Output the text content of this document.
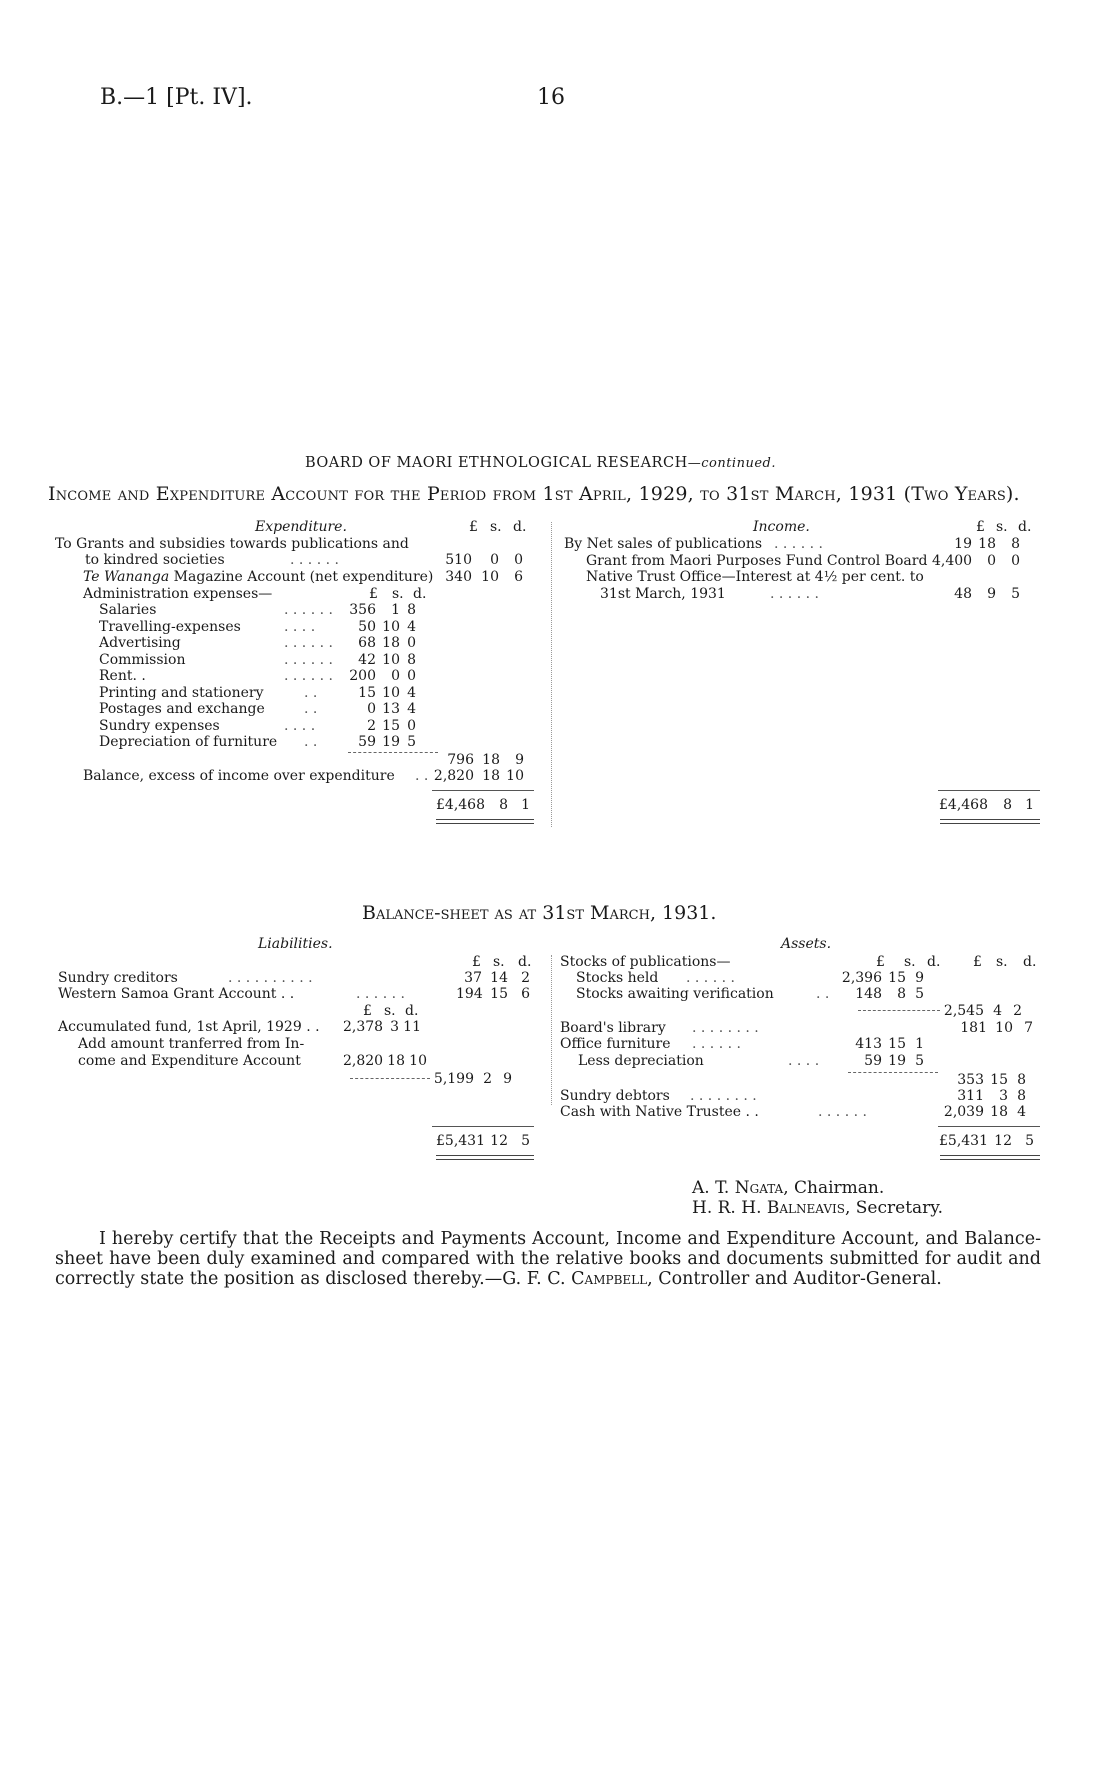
B.—1 [Pt. IV].	16
BOARD OF MAORI ETHNOLOGICAL RESEARCH—continued.
Income and Expenditure Account for the Period from 1st April, 1929, to 31st March, 1931 (Two Years).
Expenditure.	£ s. d.
To Grants and subsidies towards publications and
to kindred societies	. . . . . .	510	0	0
Te Wananga Magazine Account (net expenditure) 340 10	6
Administration expenses—	£ s. d.
Salaries	. . . . . .	356	1 8
Travelling-expenses	. . . .	50 10 4
Advertising	. . . . . .	68 18 0
Commission	. . . . . .	42 10 8
Rent. .	. . . . . .	200	0 0
Printing and stationery	. .	15 10 4
Postages and exchange	. .	0 13 4
Sundry expenses	. . . .	2 15 0
Depreciation of furniture . .	59 19 5
796 18	9
Balance, excess of income over expenditure . . 2,820 18 10
£4,468	8 1
Income.	£ s. d.
By Net sales of publications . . . . . .	19 18	8
Grant from Maori Purposes Fund Control Board 4,400	0	0
Native Trust Office—Interest at 4½ per cent. to
31st March, 1931	. . . . . .	48	9	5
£4,468	8 1
Balance-sheet as at 31st March, 1931.
Liabilities.
£ s. d.
Sundry creditors	. . . . . . . . . .	37 14 2
Western Samoa Grant Account . .	. . . . . .	194 15 6
£ s. d.
Accumulated fund, 1st April, 1929 . . 2,378 3 11
Add amount tranferred from In-
come and Expenditure Account	2,820 18 10
5,199 2 9
£5,431 12 5
Assets.
£ s. d. £ s. d.
Stocks of publications—
Stocks held . . . . . .	2,396 15 9
Stocks awaiting verification	. .	148	8 5
2,545 4 2
Board's library . . . . . . . .	181 10 7
Office furniture . . . . . .	413 15 1
Less depreciation	. . . .	59 19 5
353 15 8
Sundry debtors . . . . . . . .	311	3 8
Cash with Native Trustee . .	. . . . . .	2,039 18 4
£5,431 12 5
A. T. Ngata, Chairman.
H. R. H. Balneavis, Secretary.
I hereby certify that the Receipts and Payments Account, Income and Expenditure Account, and Balance-sheet have been duly examined and compared with the relative books and documents submitted for audit and correctly state the position as disclosed thereby.—G. F. C. Campbell, Controller and Auditor-General.
